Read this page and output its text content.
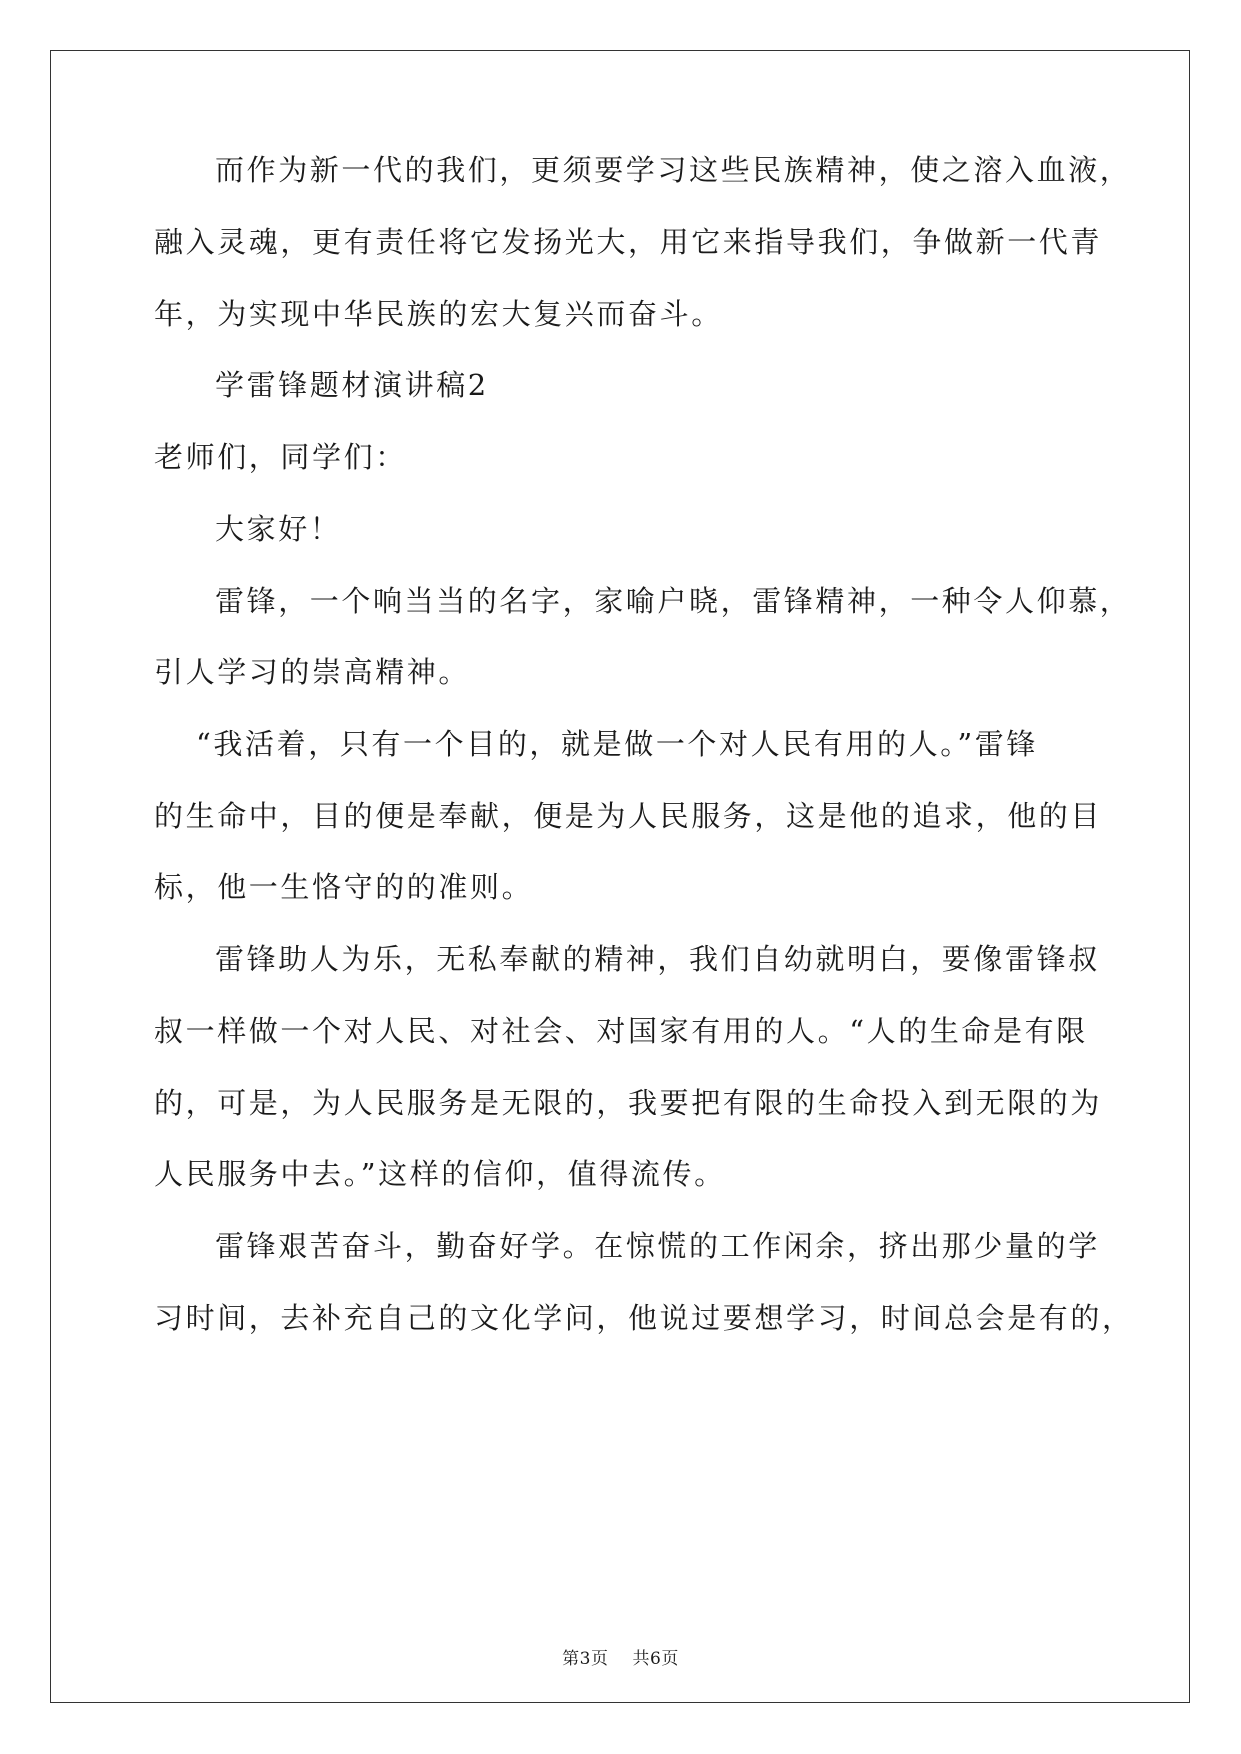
而作为新一代的我们，更须要学习这些民族精神，使之溶入血液，
融入灵魂，更有责任将它发扬光大，用它来指导我们，争做新一代青
年，为实现中华民族的宏大复兴而奋斗。
学雷锋题材演讲稿2
老师们，同学们：
大家好！
雷锋，一个响当当的名字，家喻户晓，雷锋精神，一种令人仰慕，
引人学习的崇高精神。
“我活着，只有一个目的，就是做一个对人民有用的人。”雷锋
的生命中，目的便是奉献，便是为人民服务，这是他的追求，他的目
标，他一生恪守的的准则。
雷锋助人为乐，无私奉献的精神，我们自幼就明白，要像雷锋叔
叔一样做一个对人民、对社会、对国家有用的人。“人的生命是有限
的，可是，为人民服务是无限的，我要把有限的生命投入到无限的为
人民服务中去。”这样的信仰，值得流传。
雷锋艰苦奋斗，勤奋好学。在惊慌的工作闲余，挤出那少量的学
习时间，去补充自己的文化学问，他说过要想学习，时间总会是有的，
第3页 共6页
